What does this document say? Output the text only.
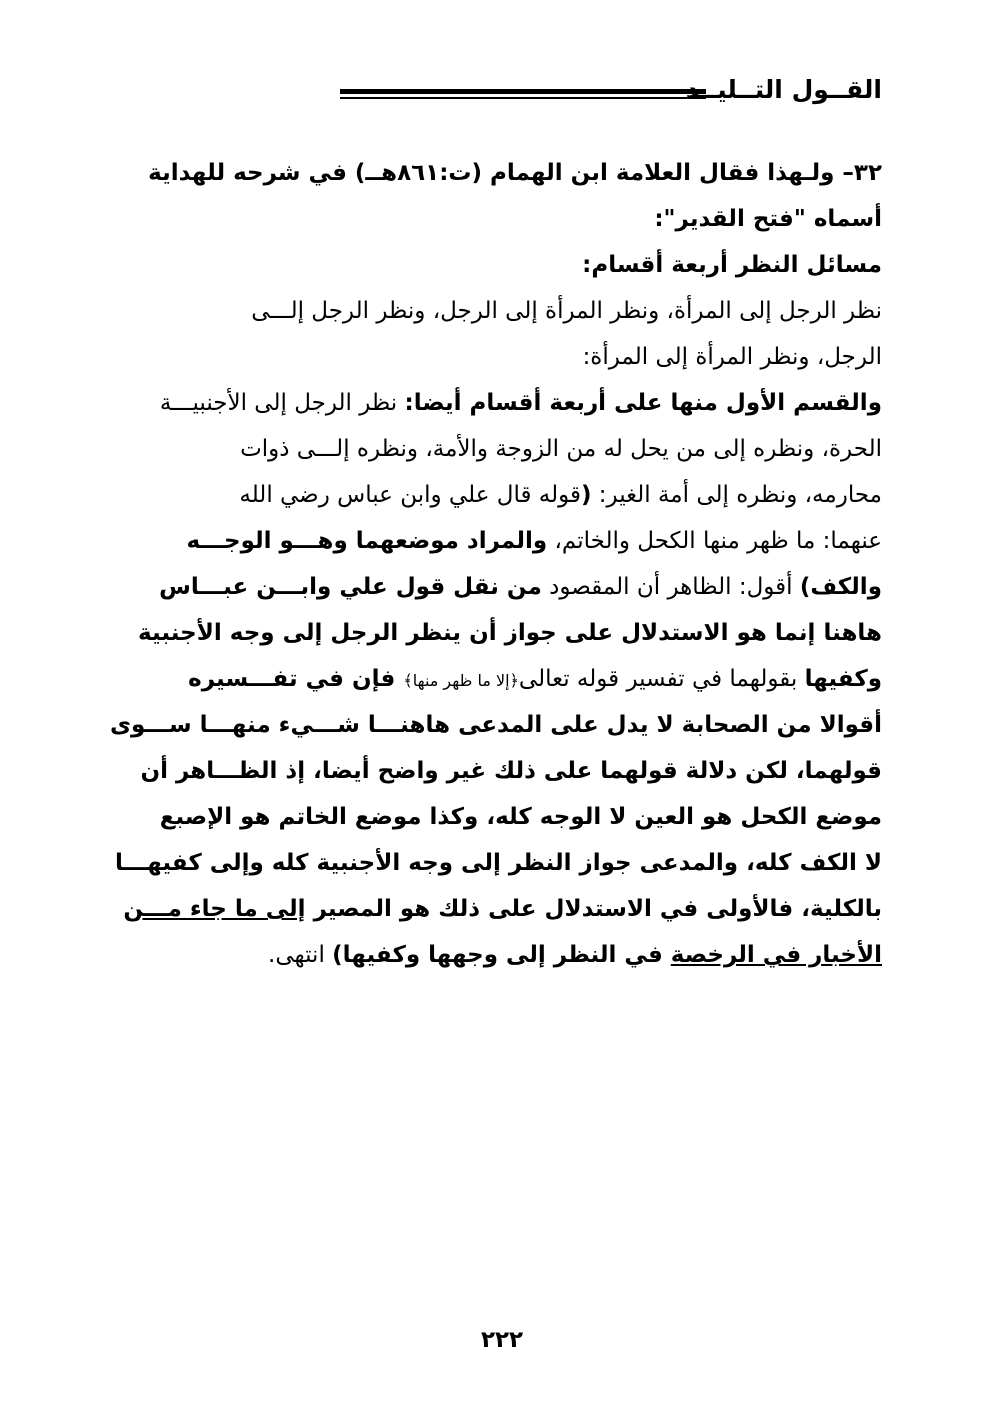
القــول التــليــد
٣٢– ولـهذا فقال العلامة ابن الهمام (ت:٨٦١هــ) في شرحه للهداية
أسماه "فتح القدير":
مسائل النظر أربعة أقسام:
نظر الرجل إلى المرأة، ونظر المرأة إلى الرجل، ونظر الرجل إلـــى
الرجل، ونظر المرأة إلى المرأة:
والقسم الأول منها على أربعة أقسام أيضا: نظر الرجل إلى الأجنبيـــة
الحرة، ونظره إلى من يحل له من الزوجة والأمة، ونظره إلـــى ذوات
محارمه، ونظره إلى أمة الغير: (قوله قال علي وابن عباس رضي الله
عنهما: ما ظهر منها الكحل والخاتم، والمراد موضعهما وهـــو الوجـــه
والكف) أقول: الظاهر أن المقصود من نقل قول علي وابـــن عبـــاس
هاهنا إنما هو الاستدلال على جواز أن ينظر الرجل إلى وجه الأجنبية
وكفيها بقولهما في تفسير قوله تعالى﴿إلا ما ظهر منها﴾ فإن في تفـــسيره
أقوالا من الصحابة لا يدل على المدعى هاهنـــا شـــيء منهـــا ســـوى
قولهما، لكن دلالة قولهما على ذلك غير واضح أيضا، إذ الظـــاهر أن
موضع الكحل هو العين لا الوجه كله، وكذا موضع الخاتم هو الإصبع
لا الكف كله، والمدعى جواز النظر إلى وجه الأجنبية كله وإلى كفيهـــا
بالكلية، فالأولى في الاستدلال على ذلك هو المصير إلى ما جاء مـــن
الأخبار في الرخصة في النظر إلى وجهها وكفيها) انتهى.
٢٢٢
